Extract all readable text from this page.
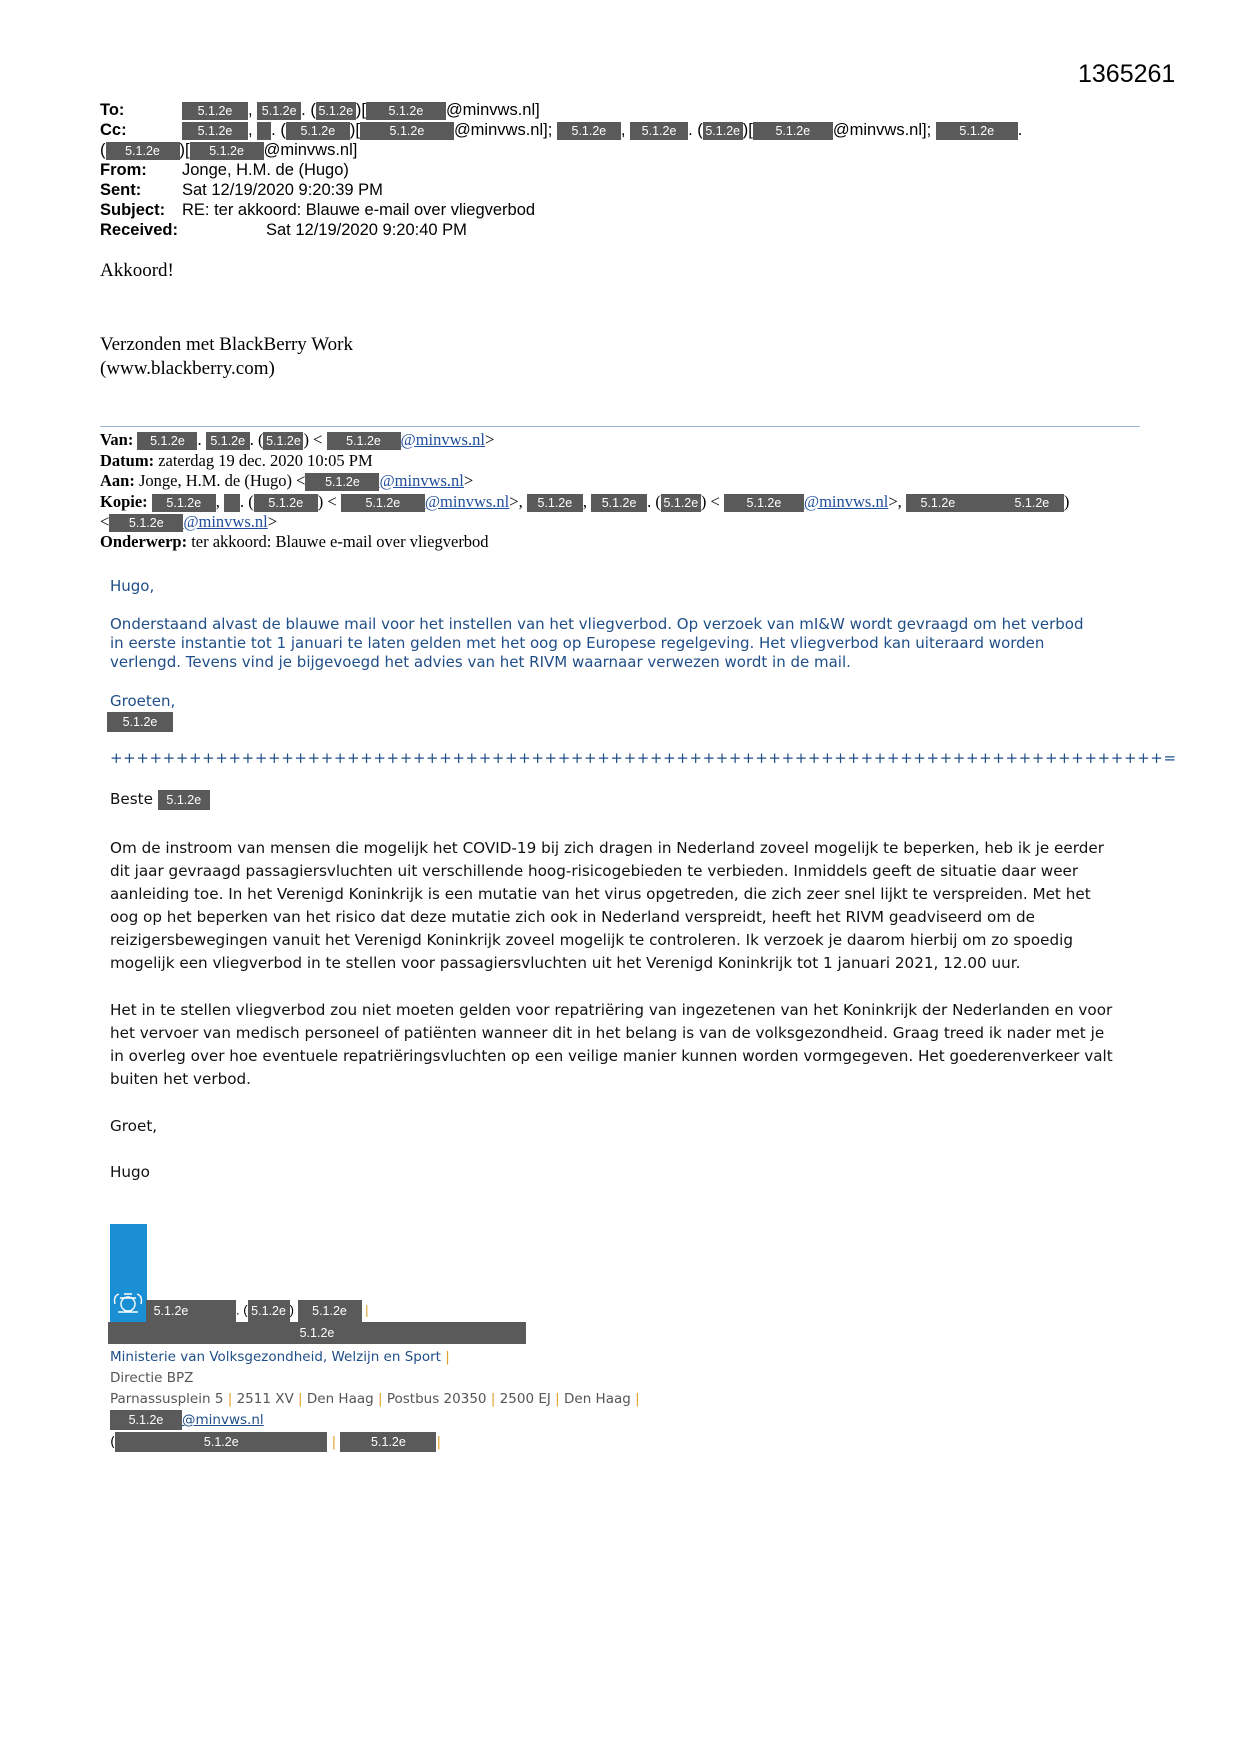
1365261
To:	5.1.2e , 5.1.2e . ( 5.1.2e )[ 5.1.2e @minvws.nl]
Cc:	5.1.2e , . ( 5.1.2e )[ 5.1.2e @minvws.nl]; 5.1.2e , 5.1.2e . ( 5.1.2e )[ 5.1.2e @minvws.nl]; 5.1.2e .
( 5.1.2e )[ 5.1.2e @minvws.nl]
From: Jonge, H.M. de (Hugo)
Sent: Sat 12/19/2020 9:20:39 PM
Subject: RE: ter akkoord: Blauwe e-mail over vliegverbod
Received:	Sat 12/19/2020 9:20:40 PM
Akkoord!
Verzonden met BlackBerry Work
(www.blackberry.com)
Van: 5.1.2e . 5.1.2e . ( 5.1.2e ) < 5.1.2e @minvws.nl>
Datum: zaterdag 19 dec. 2020 10:05 PM
Aan: Jonge, H.M. de (Hugo) < 5.1.2e @minvws.nl>
Kopie: 5.1.2e , . ( 5.1.2e ) < 5.1.2e @minvws.nl>, 5.1.2e , 5.1.2e . ( 5.1.2e ) < 5.1.2e @minvws.nl>, 5.1.2e	5.1.2e )
< 5.1.2e @minvws.nl>
Onderwerp: ter akkoord: Blauwe e-mail over vliegverbod
Hugo,
Onderstaand alvast de blauwe mail voor het instellen van het vliegverbod. Op verzoek van mI&W wordt gevraagd om het verbod
in eerste instantie tot 1 januari te laten gelden met het oog op Europese regelgeving. Het vliegverbod kan uiteraard worden
verlengd. Tevens vind je bijgevoegd het advies van het RIVM waarnaar verwezen wordt in de mail.
Groeten,
5.1.2e
++++++++++++++++++++++++++++++++++++++++++++++++++++++++++++++++++++++++++++++++=
Beste 5.1.2e
Om de instroom van mensen die mogelijk het COVID-19 bij zich dragen in Nederland zoveel mogelijk te beperken, heb ik je eerder
dit jaar gevraagd passagiersvluchten uit verschillende hoog-risicogebieden te verbieden. Inmiddels geeft de situatie daar weer
aanleiding toe. In het Verenigd Koninkrijk is een mutatie van het virus opgetreden, die zich zeer snel lijkt te verspreiden. Met het
oog op het beperken van het risico dat deze mutatie zich ook in Nederland verspreidt, heeft het RIVM geadviseerd om de
reizigersbewegingen vanuit het Verenigd Koninkrijk zoveel mogelijk te controleren. Ik verzoek je daarom hierbij om zo spoedig
mogelijk een vliegverbod in te stellen voor passagiersvluchten uit het Verenigd Koninkrijk tot 1 januari 2021, 12.00 uur.
Het in te stellen vliegverbod zou niet moeten gelden voor repatriëring van ingezetenen van het Koninkrijk der Nederlanden en voor
het vervoer van medisch personeel of patiënten wanneer dit in het belang is van de volksgezondheid. Graag treed ik nader met je
in overleg over hoe eventuele repatriëringsvluchten op een veilige manier kunnen worden vormgegeven. Het goederenverkeer valt
buiten het verbod.
Groet,
Hugo
5.1.2e	. ( 5.1.2e ) 5.1.2e |
5.1.2e
Ministerie van Volksgezondheid, Welzijn en Sport |
Directie BPZ
Parnassusplein 5 | 2511 XV | Den Haag | Postbus 20350 | 2500 EJ | Den Haag |
5.1.2e @minvws.nl
(	5.1.2e	|	5.1.2e |
